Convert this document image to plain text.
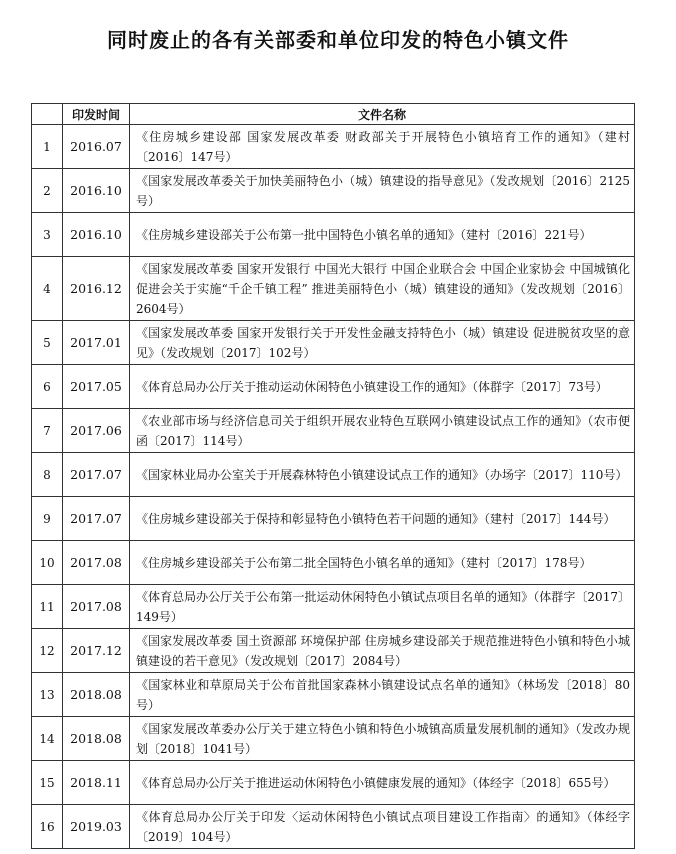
同时废止的各有关部委和单位印发的特色小镇文件
	印发时间	文件名称
1	2016.07	《住房城乡建设部 国家发展改革委 财政部关于开展特色小镇培育工作的通知》（建村〔2016〕147号）
2	2016.10	《国家发展改革委关于加快美丽特色小（城）镇建设的指导意见》（发改规划〔2016〕2125号）
3	2016.10	《住房城乡建设部关于公布第一批中国特色小镇名单的通知》（建村〔2016〕221号）
4	2016.12	《国家发展改革委 国家开发银行 中国光大银行 中国企业联合会 中国企业家协会 中国城镇化促进会关于实施“千企千镇工程” 推进美丽特色小（城）镇建设的通知》（发改规划〔2016〕2604号）
5	2017.01	《国家发展改革委 国家开发银行关于开发性金融支持特色小（城）镇建设 促进脱贫攻坚的意见》（发改规划〔2017〕102号）
6	2017.05	《体育总局办公厅关于推动运动休闲特色小镇建设工作的通知》（体群字〔2017〕73号）
7	2017.06	《农业部市场与经济信息司关于组织开展农业特色互联网小镇建设试点工作的通知》（农市便函〔2017〕114号）
8	2017.07	《国家林业局办公室关于开展森林特色小镇建设试点工作的通知》（办场字〔2017〕110号）
9	2017.07	《住房城乡建设部关于保持和彰显特色小镇特色若干问题的通知》（建村〔2017〕144号）
10	2017.08	《住房城乡建设部关于公布第二批全国特色小镇名单的通知》（建村〔2017〕178号）
11	2017.08	《体育总局办公厅关于公布第一批运动休闲特色小镇试点项目名单的通知》（体群字〔2017〕149号）
12	2017.12	《国家发展改革委 国土资源部 环境保护部 住房城乡建设部关于规范推进特色小镇和特色小城镇建设的若干意见》（发改规划〔2017〕2084号）
13	2018.08	《国家林业和草原局关于公布首批国家森林小镇建设试点名单的通知》（林场发〔2018〕80号）
14	2018.08	《国家发展改革委办公厅关于建立特色小镇和特色小城镇高质量发展机制的通知》（发改办规划〔2018〕1041号）
15	2018.11	《体育总局办公厅关于推进运动休闲特色小镇健康发展的通知》（体经字〔2018〕655号）
16	2019.03	《体育总局办公厅关于印发〈运动休闲特色小镇试点项目建设工作指南〉的通知》（体经字〔2019〕104号）
